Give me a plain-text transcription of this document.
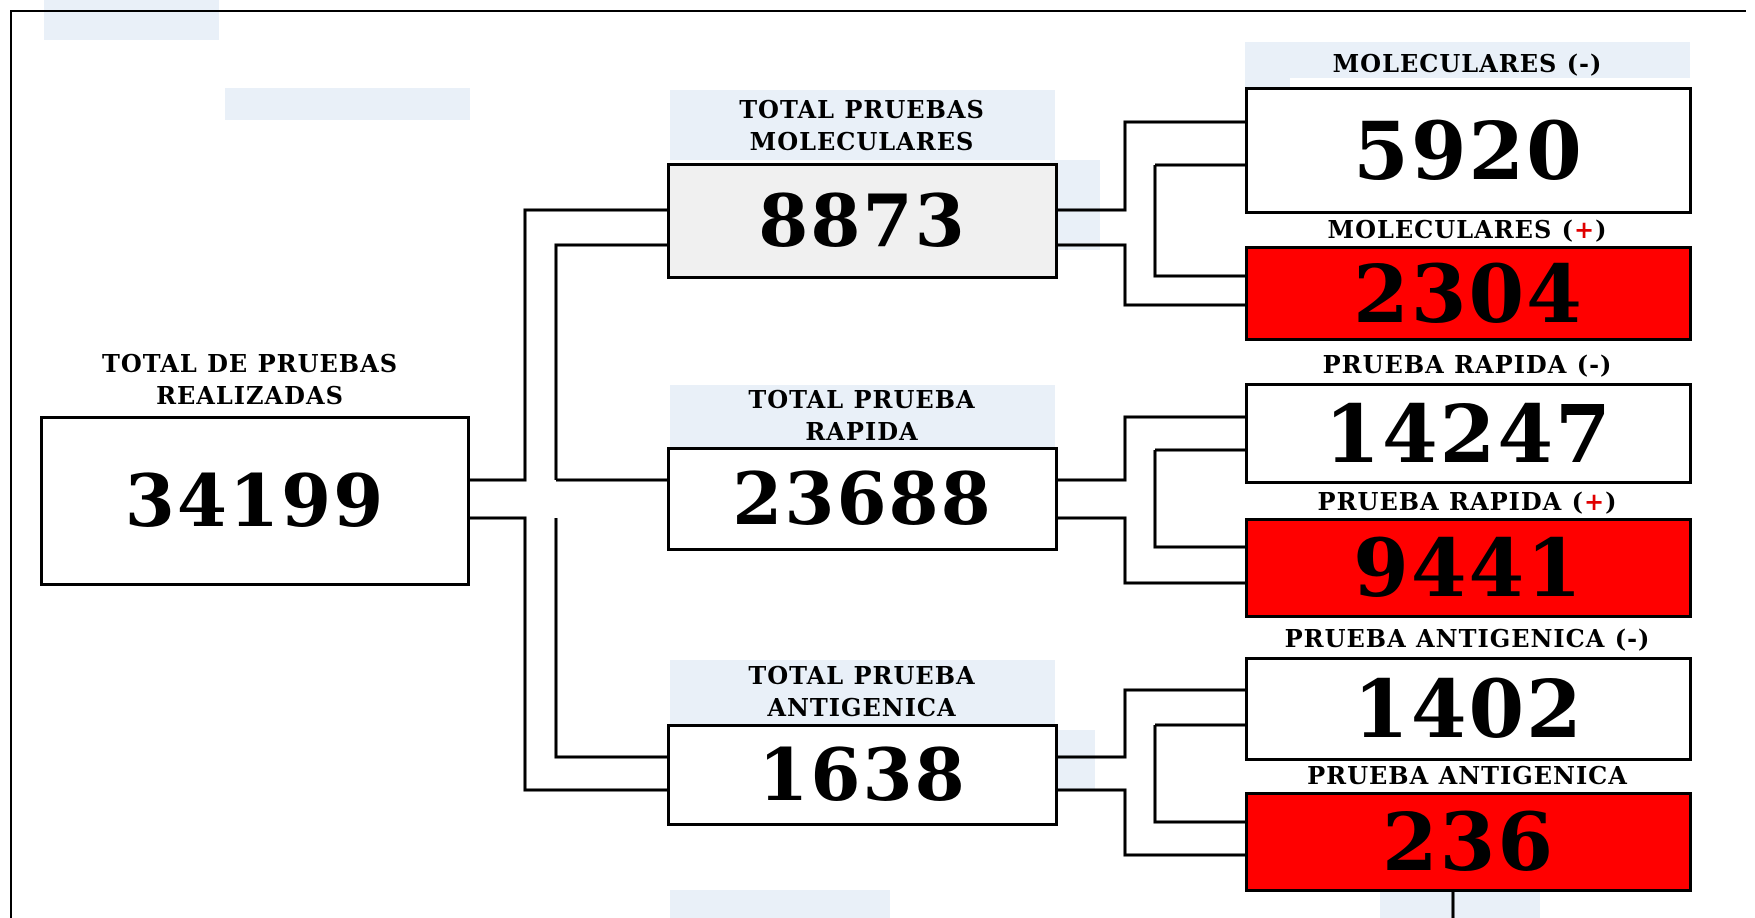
TOTAL DE PRUEBAS
REALIZADAS
34199
TOTAL PRUEBAS
MOLECULARES
8873
TOTAL PRUEBA
RAPIDA
23688
TOTAL PRUEBA
ANTIGENICA
1638
MOLECULARES (-)
MOLECULARES (+)
PRUEBA RAPIDA (-)
PRUEBA RAPIDA (+)
PRUEBA ANTIGENICA (-)
PRUEBA ANTIGENICA
5920
2304
14247
9441
1402
236
